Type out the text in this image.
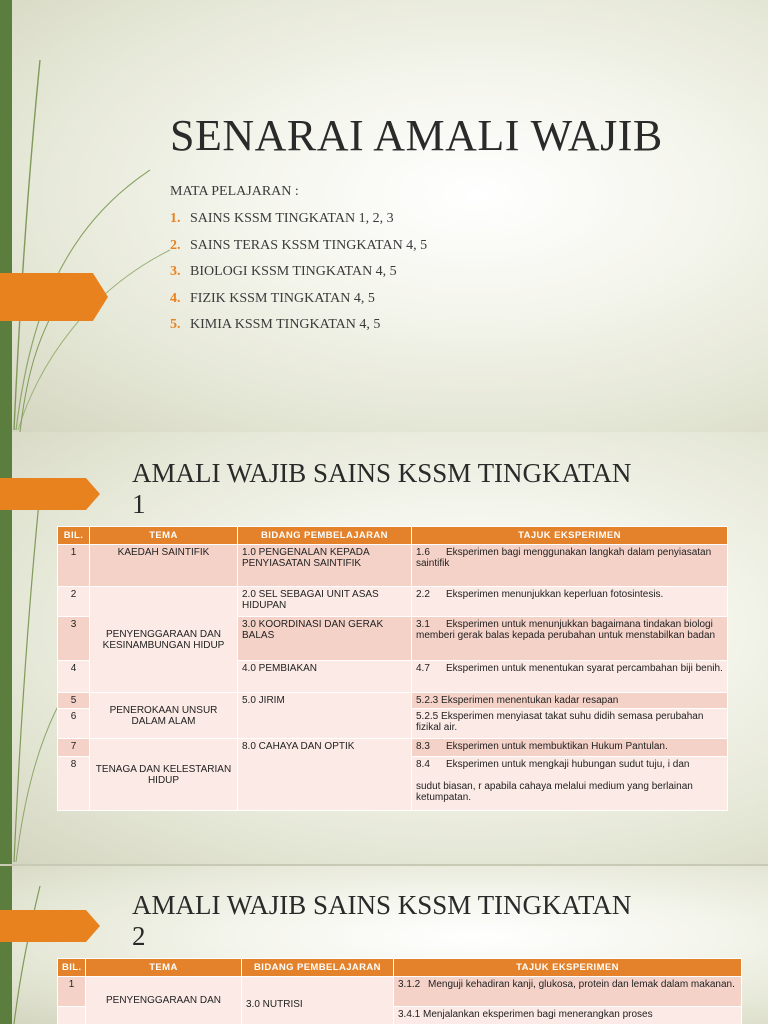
SENARAI AMALI WAJIB
MATA PELAJARAN :
1. SAINS KSSM TINGKATAN 1, 2, 3
2. SAINS TERAS KSSM TINGKATAN 4, 5
3. BIOLOGI KSSM TINGKATAN 4, 5
4. FIZIK KSSM TINGKATAN 4, 5
5. KIMIA KSSM TINGKATAN 4, 5
AMALI WAJIB SAINS KSSM TINGKATAN
1
BIL.	TEMA	BIDANG PEMBELAJARAN	TAJUK EKSPERIMEN
1	KAEDAH SAINTIFIK	1.0 PENGENALAN KEPADA PENYIASATAN SAINTIFIK	1.6 Eksperimen bagi menggunakan langkah dalam penyiasatan saintifik
2	PENYENGGARAAN DAN KESINAMBUNGAN HIDUP	2.0 SEL SEBAGAI UNIT ASAS HIDUPAN	2.2 Eksperimen menunjukkan keperluan fotosintesis.
3		3.0 KOORDINASI DAN GERAK BALAS	3.1 Eksperimen untuk menunjukkan bagaimana tindakan biologi memberi gerak balas kepada perubahan untuk menstabilkan badan
4		4.0 PEMBIAKAN	4.7 Eksperimen untuk menentukan syarat percambahan biji benih.
5	PENEROKAAN UNSUR DALAM ALAM	5.0 JIRIM	5.2.3 Eksperimen menentukan kadar resapan
6			5.2.5 Eksperimen menyiasat takat suhu didih semasa perubahan fizikal air.
7	TENAGA DAN KELESTARIAN HIDUP	8.0 CAHAYA DAN OPTIK	8.3 Eksperimen untuk membuktikan Hukum Pantulan.
8			8.4 Eksperimen untuk mengkaji hubungan sudut tuju, i dan

sudut biasan, r apabila cahaya melalui medium yang berlainan ketumpatan.
AMALI WAJIB SAINS KSSM TINGKATAN
2
BIL.	TEMA	BIDANG PEMBELAJARAN	TAJUK EKSPERIMEN
1	PENYENGGARAAN DAN	3.0 NUTRISI	3.1.2 Menguji kehadiran kanji, glukosa, protein dan lemak dalam makanan.
			3.4.1 Menjalankan eksperimen bagi menerangkan proses
